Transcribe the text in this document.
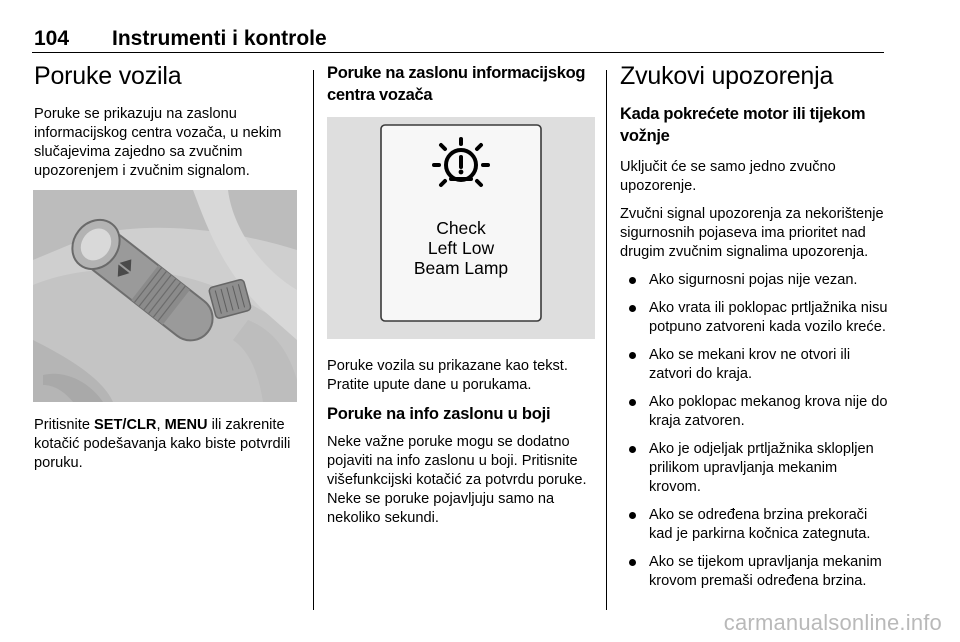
104 Instrumenti i kontrole
Poruke vozila
Poruke se prikazuju na zaslonu informacijskog centra vozača, u nekim slučajevima zajedno sa zvučnim upozorenjem i zvučnim signalom.
Pritisnite SET/CLR, MENU ili zakrenite kotačić podešavanja kako biste potvrdili poruku.
Poruke na zaslonu informacijskog centra vozača
Check
Left Low
Beam Lamp
Poruke vozila su prikazane kao tekst. Pratite upute dane u porukama.
Poruke na info zaslonu u boji
Neke važne poruke mogu se dodatno pojaviti na info zaslonu u boji. Pritisnite višefunkcijski kotačić za potvrdu poruke. Neke se poruke pojavljuju samo na nekoliko sekundi.
Zvukovi upozorenja
Kada pokrećete motor ili tijekom vožnje
Uključit će se samo jedno zvučno upozorenje.
Zvučni signal upozorenja za nekorištenje sigurnosnih pojaseva ima prioritet nad drugim zvučnim signalima upozorenja.
Ako sigurnosni pojas nije vezan.
Ako vrata ili poklopac prtljažnika nisu potpuno zatvoreni kada vozilo kreće.
Ako se mekani krov ne otvori ili zatvori do kraja.
Ako poklopac mekanog krova nije do kraja zatvoren.
Ako je odjeljak prtljažnika sklopljen prilikom upravljanja mekanim krovom.
Ako se određena brzina prekorači kad je parkirna kočnica zategnuta.
Ako se tijekom upravljanja mekanim krovom premaši određena brzina.
carmanualsonline.info
